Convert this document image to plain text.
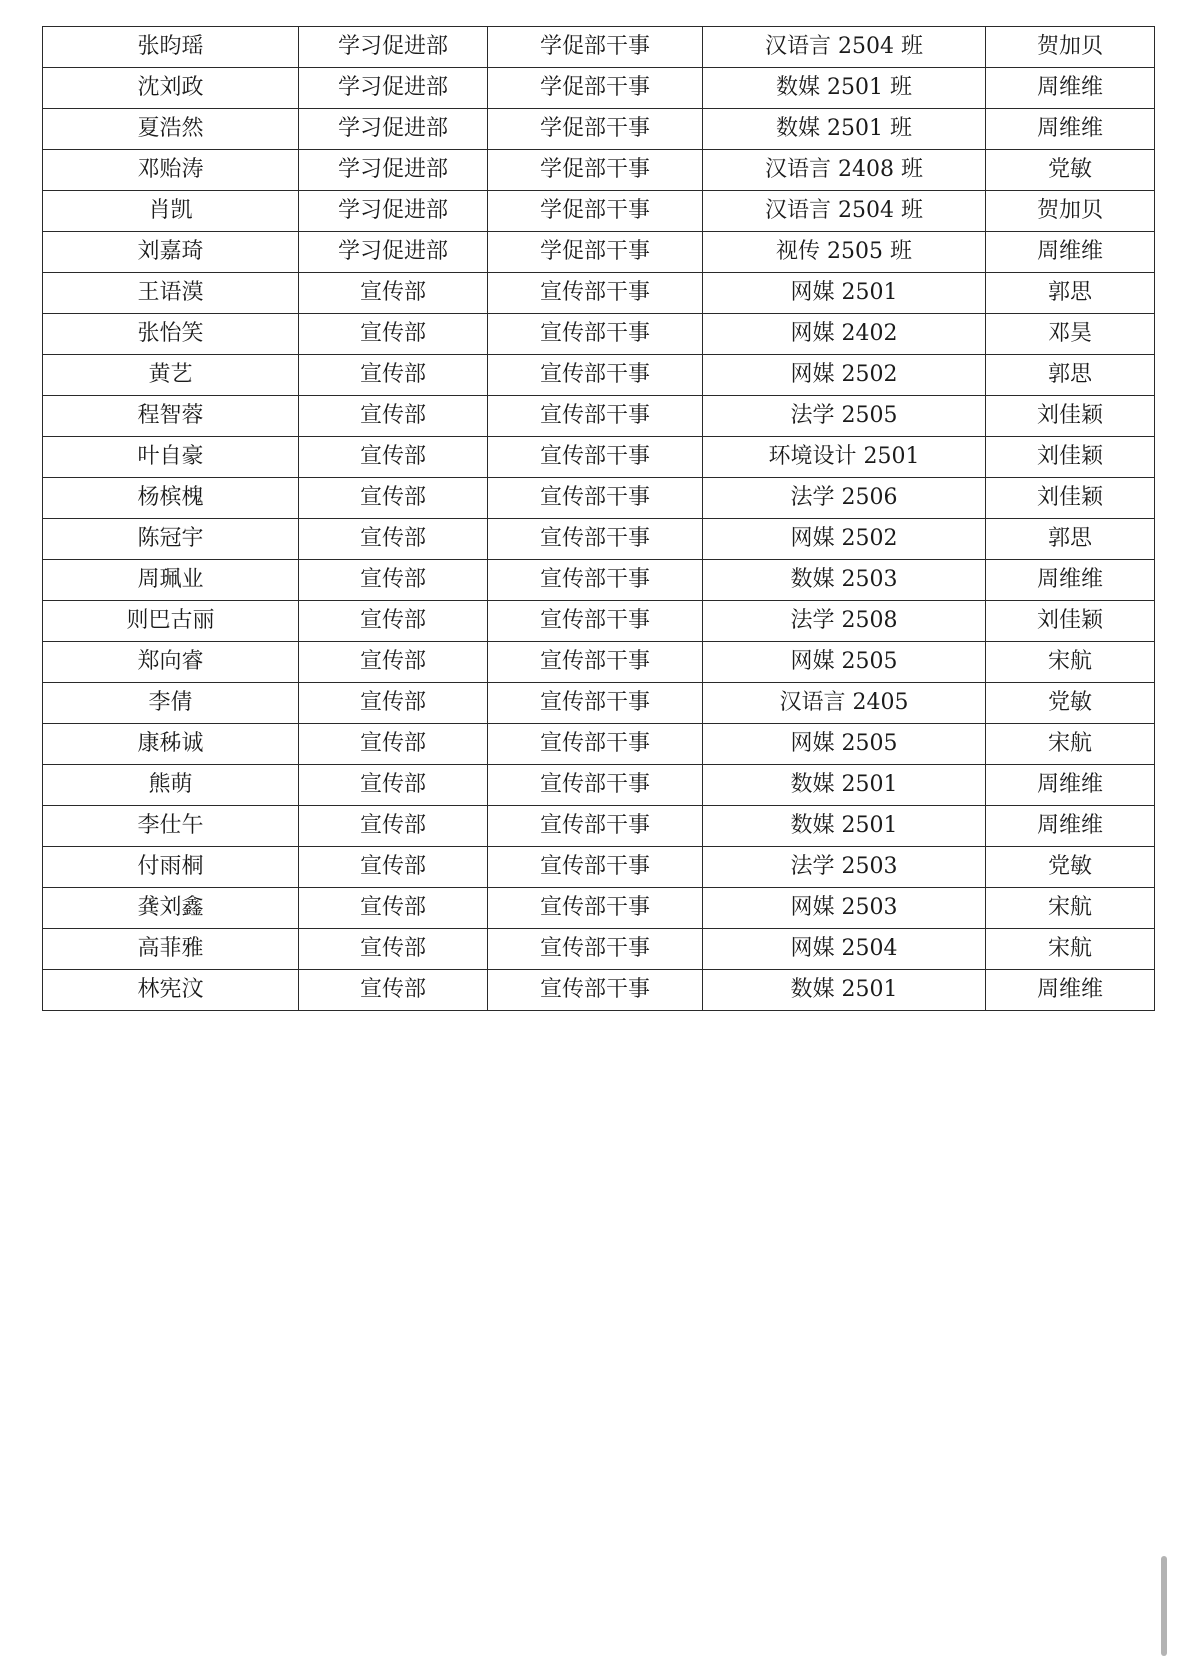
张昀瑶	学习促进部	学促部干事	汉语言 2504 班	贺加贝
沈刘政	学习促进部	学促部干事	数媒 2501 班	周维维
夏浩然	学习促进部	学促部干事	数媒 2501 班	周维维
邓贻涛	学习促进部	学促部干事	汉语言 2408 班	党敏
肖凯	学习促进部	学促部干事	汉语言 2504 班	贺加贝
刘嘉琦	学习促进部	学促部干事	视传 2505 班	周维维
王语漠	宣传部	宣传部干事	网媒 2501	郭思
张怡笑	宣传部	宣传部干事	网媒 2402	邓昊
黄艺	宣传部	宣传部干事	网媒 2502	郭思
程智蓉	宣传部	宣传部干事	法学 2505	刘佳颖
叶自豪	宣传部	宣传部干事	环境设计 2501	刘佳颖
杨槟槐	宣传部	宣传部干事	法学 2506	刘佳颖
陈冠宇	宣传部	宣传部干事	网媒 2502	郭思
周珮业	宣传部	宣传部干事	数媒 2503	周维维
则巴古丽	宣传部	宣传部干事	法学 2508	刘佳颖
郑向睿	宣传部	宣传部干事	网媒 2505	宋航
李倩	宣传部	宣传部干事	汉语言 2405	党敏
康秭诚	宣传部	宣传部干事	网媒 2505	宋航
熊萌	宣传部	宣传部干事	数媒 2501	周维维
李仕午	宣传部	宣传部干事	数媒 2501	周维维
付雨桐	宣传部	宣传部干事	法学 2503	党敏
龚刘鑫	宣传部	宣传部干事	网媒 2503	宋航
高菲雅	宣传部	宣传部干事	网媒 2504	宋航
林宪汶	宣传部	宣传部干事	数媒 2501	周维维
